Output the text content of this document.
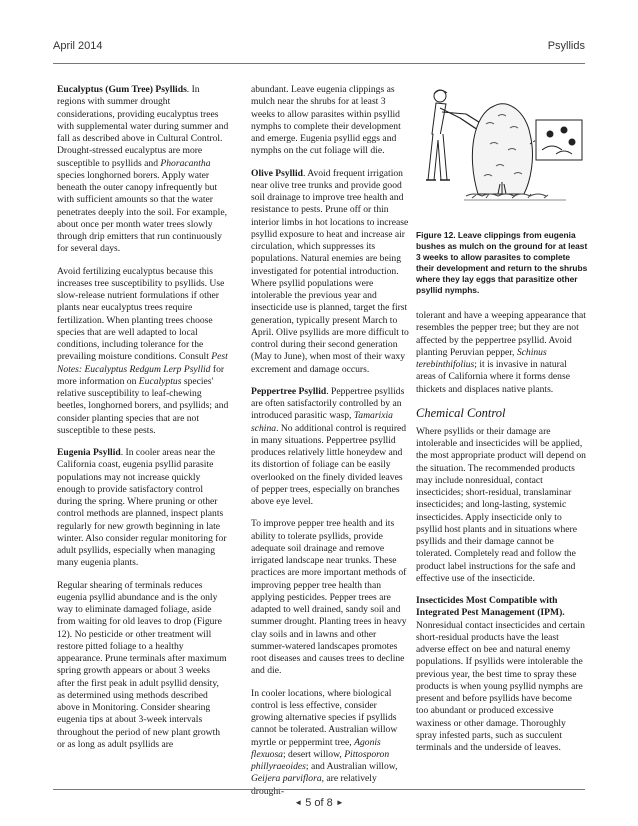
April 2014	Psyllids

Eucalyptus (Gum Tree) Psyllids. In regions with summer drought considerations, providing eucalyptus trees with supplemental water during summer and fall as described above in Cultural Control. Drought-stressed eucalyptus are more susceptible to psyllids and Phoracantha species longhorned borers. Apply water beneath the outer canopy infrequently but with sufficient amounts so that the water penetrates deeply into the soil. For example, about once per month water trees slowly through drip emitters that run continuously for several days.

Avoid fertilizing eucalyptus because this increases tree susceptibility to psyllids. Use slow-release nutrient formulations if other plants near eucalyptus trees require fertilization. When planting trees choose species that are well adapted to local conditions, including tolerance for the prevailing moisture conditions. Consult Pest Notes: Eucalyptus Redgum Lerp Psyllid for more information on Eucalyptus species' relative susceptibility to leaf-chewing beetles, longhorned borers, and psyllids; and consider planting species that are not susceptible to these pests.

Eugenia Psyllid. In cooler areas near the California coast, eugenia psyllid parasite populations may not increase quickly enough to provide satisfactory control during the spring. Where pruning or other control methods are planned, inspect plants regularly for new growth beginning in late winter. Also consider regular monitoring for adult psyllids, especially when managing many eugenia plants.

Regular shearing of terminals reduces eugenia psyllid abundance and is the only way to eliminate damaged foliage, aside from waiting for old leaves to drop (Figure 12). No pesticide or other treatment will restore pitted foliage to a healthy appearance. Prune terminals after maximum spring growth appears or about 3 weeks after the first peak in adult psyllid density, as determined using methods described above in Monitoring. Consider shearing eugenia tips at about 3-week intervals throughout the period of new plant growth or as long as adult psyllids are

abundant. Leave eugenia clippings as mulch near the shrubs for at least 3 weeks to allow parasites within psyllid nymphs to complete their development and emerge. Eugenia psyllid eggs and nymphs on the cut foliage will die.

Olive Psyllid. Avoid frequent irrigation near olive tree trunks and provide good soil drainage to improve tree health and resistance to pests. Prune off or thin interior limbs in hot locations to increase psyllid exposure to heat and increase air circulation, which suppresses its populations. Natural enemies are being investigated for potential introduction. Where psyllid populations were intolerable the previous year and insecticide use is planned, target the first generation, typically present March to April. Olive psyllids are more difficult to control during their second generation (May to June), when most of their waxy excrement and damage occurs.

Peppertree Psyllid. Peppertree psyllids are often satisfactorily controlled by an introduced parasitic wasp, Tamarixia schina. No additional control is required in many situations. Peppertree psyllid produces relatively little honeydew and its distortion of foliage can be easily overlooked on the finely divided leaves of pepper trees, especially on branches above eye level.

To improve pepper tree health and its ability to tolerate psyllids, provide adequate soil drainage and remove irrigated landscape near trunks. These practices are more important methods of improving pepper tree health than applying pesticides. Pepper trees are adapted to well drained, sandy soil and summer drought. Planting trees in heavy clay soils and in lawns and other summer-watered landscapes promotes root diseases and causes trees to decline and die.

In cooler locations, where biological control is less effective, consider growing alternative species if psyllids cannot be tolerated. Australian willow myrtle or peppermint tree, Agonis flexuosa; desert willow, Pittosporon phillyraeoides; and Australian willow, Geijera parviflora, are relatively drought-

Figure 12. Leave clippings from eugenia bushes as mulch on the ground for at least 3 weeks to allow parasites to complete their development and return to the shrubs where they lay eggs that parasitize other psyllid nymphs.

tolerant and have a weeping appearance that resembles the pepper tree; but they are not affected by the peppertree psyllid. Avoid planting Peruvian pepper, Schinus terebinthifolius; it is invasive in natural areas of California where it forms dense thickets and displaces native plants.

Chemical Control

Where psyllids or their damage are intolerable and insecticides will be applied, the most appropriate product will depend on the situation. The recommended products may include nonresidual, contact insecticides; short-residual, translaminar insecticides; and long-lasting, systemic insecticides. Apply insecticide only to psyllid host plants and in situations where psyllids and their damage cannot be tolerated. Completely read and follow the product label instructions for the safe and effective use of the insecticide.

Insecticides Most Compatible with Integrated Pest Management (IPM). Nonresidual contact insecticides and certain short-residual products have the least adverse effect on bee and natural enemy populations. If psyllids were intolerable the previous year, the best time to spray these products is when young psyllid nymphs are present and before psyllids have become too abundant or produced excessive waxiness or other damage. Thoroughly spray infested parts, such as succulent terminals and the underside of leaves.

◄ 5 of 8 ►
